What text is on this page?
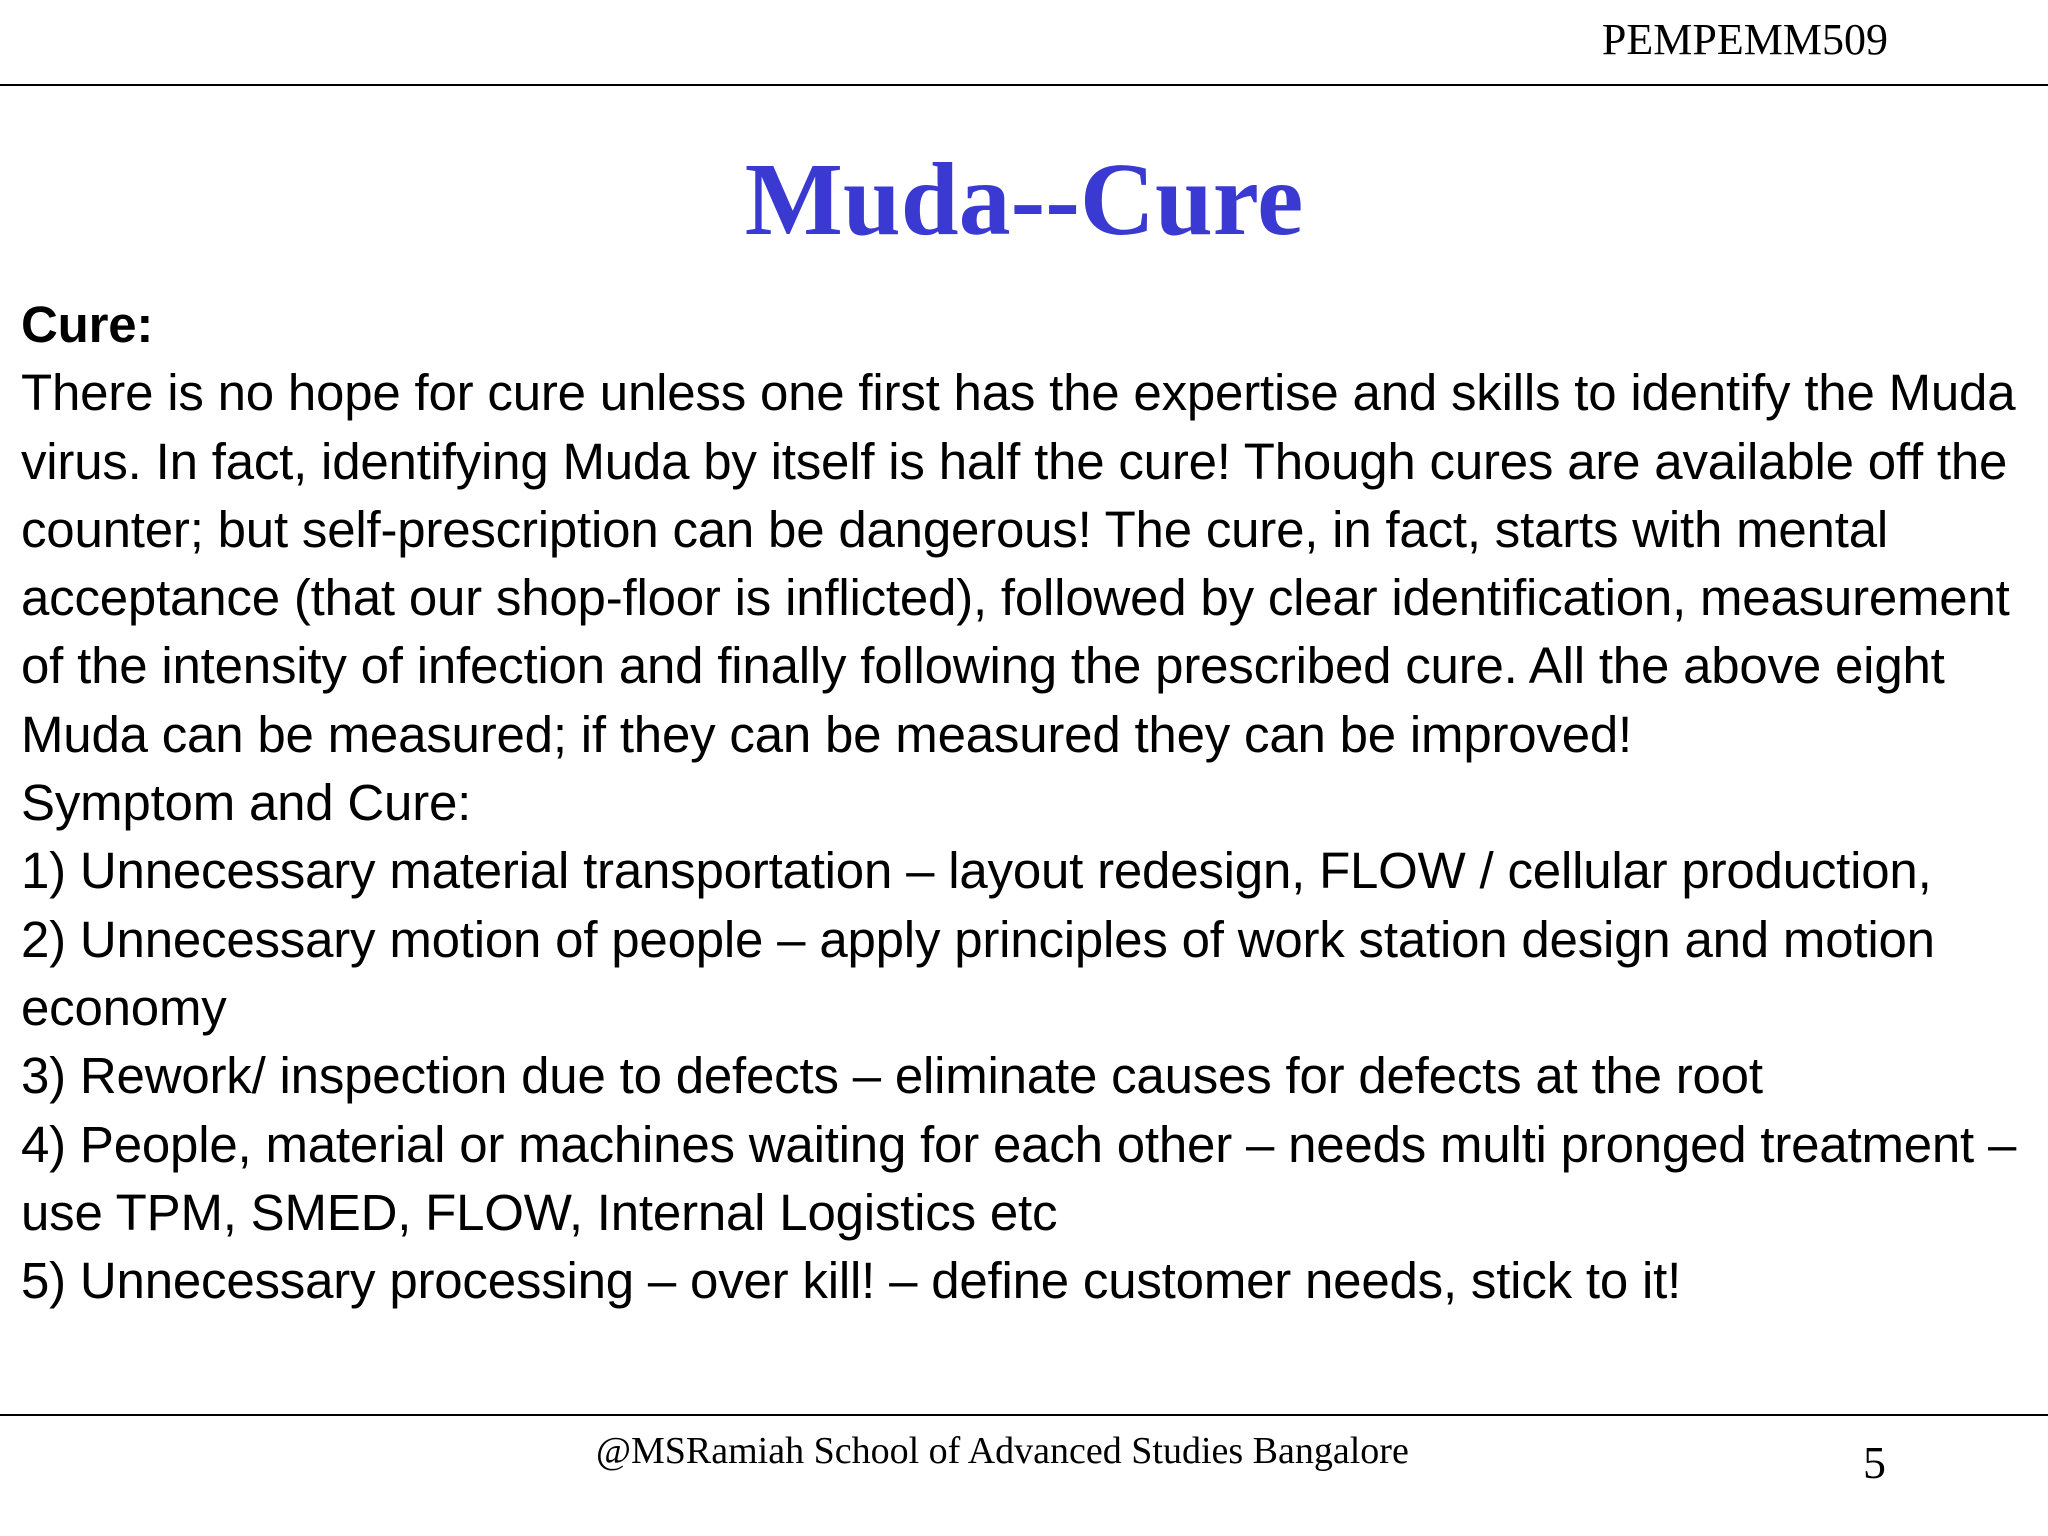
PEMPEMM509
Muda--Cure

Cure:

There is no hope for cure unless one first has the expertise and skills to identify the Muda virus. In fact, identifying Muda by itself is half the cure! Though cures are available off the counter; but self-prescription can be dangerous! The cure, in fact, starts with mental acceptance (that our shop-floor is inflicted), followed by clear identification, measurement of the intensity of infection and finally following the prescribed cure. All the above eight Muda can be measured; if they can be measured they can be improved!

Symptom and Cure:

1) Unnecessary material transportation – layout redesign, FLOW / cellular production,

2) Unnecessary motion of people – apply principles of work station design and motion economy

3) Rework/ inspection due to defects – eliminate causes for defects at the root

4) People, material or machines waiting for each other – needs multi pronged treatment – use TPM, SMED, FLOW, Internal Logistics etc

5) Unnecessary processing – over kill! – define customer needs, stick to it!

@MSRamiah School of Advanced Studies Bangalore	5
